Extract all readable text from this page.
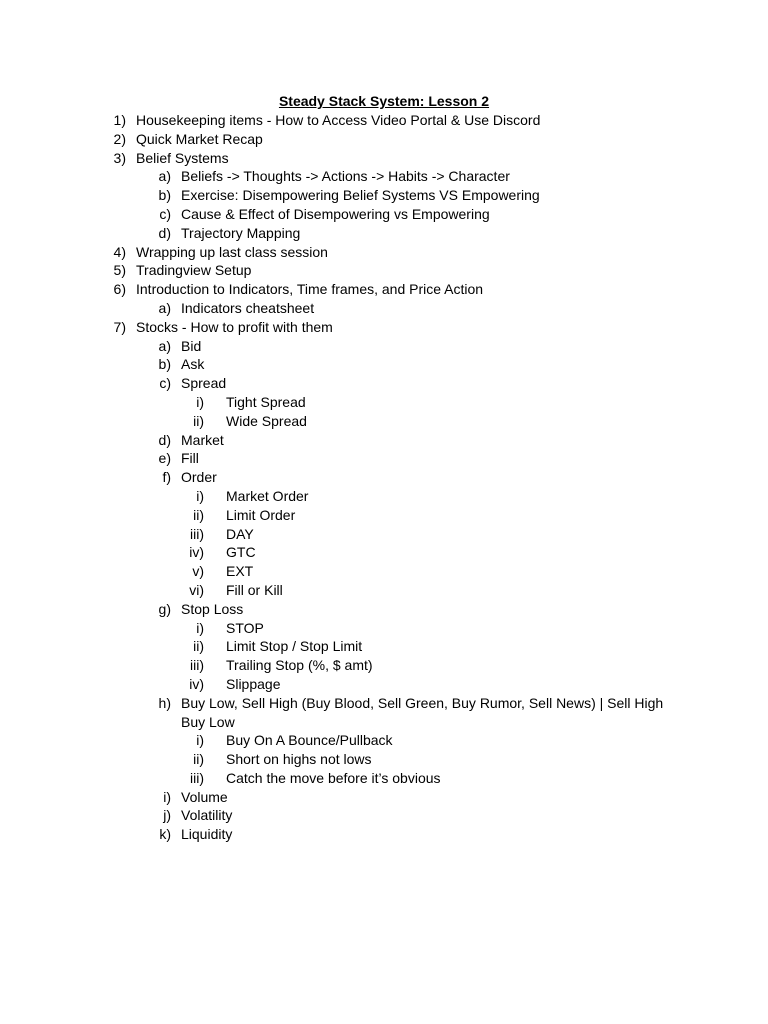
Steady Stack System: Lesson 2
1) Housekeeping items - How to Access Video Portal & Use Discord
2) Quick Market Recap
3) Belief Systems
a) Beliefs -> Thoughts -> Actions -> Habits -> Character
b) Exercise: Disempowering Belief Systems VS Empowering
c) Cause & Effect of Disempowering vs Empowering
d) Trajectory Mapping
4) Wrapping up last class session
5) Tradingview Setup
6) Introduction to Indicators, Time frames, and Price Action
a) Indicators cheatsheet
7) Stocks - How to profit with them
a) Bid
b) Ask
c) Spread
i) Tight Spread
ii) Wide Spread
d) Market
e) Fill
f) Order
i) Market Order
ii) Limit Order
iii) DAY
iv) GTC
v) EXT
vi) Fill or Kill
g) Stop Loss
i) STOP
ii) Limit Stop / Stop Limit
iii) Trailing Stop (%, $ amt)
iv) Slippage
h) Buy Low, Sell High (Buy Blood, Sell Green, Buy Rumor, Sell News) | Sell High Buy Low
i) Buy On A Bounce/Pullback
ii) Short on highs not lows
iii) Catch the move before it’s obvious
i) Volume
j) Volatility
k) Liquidity
